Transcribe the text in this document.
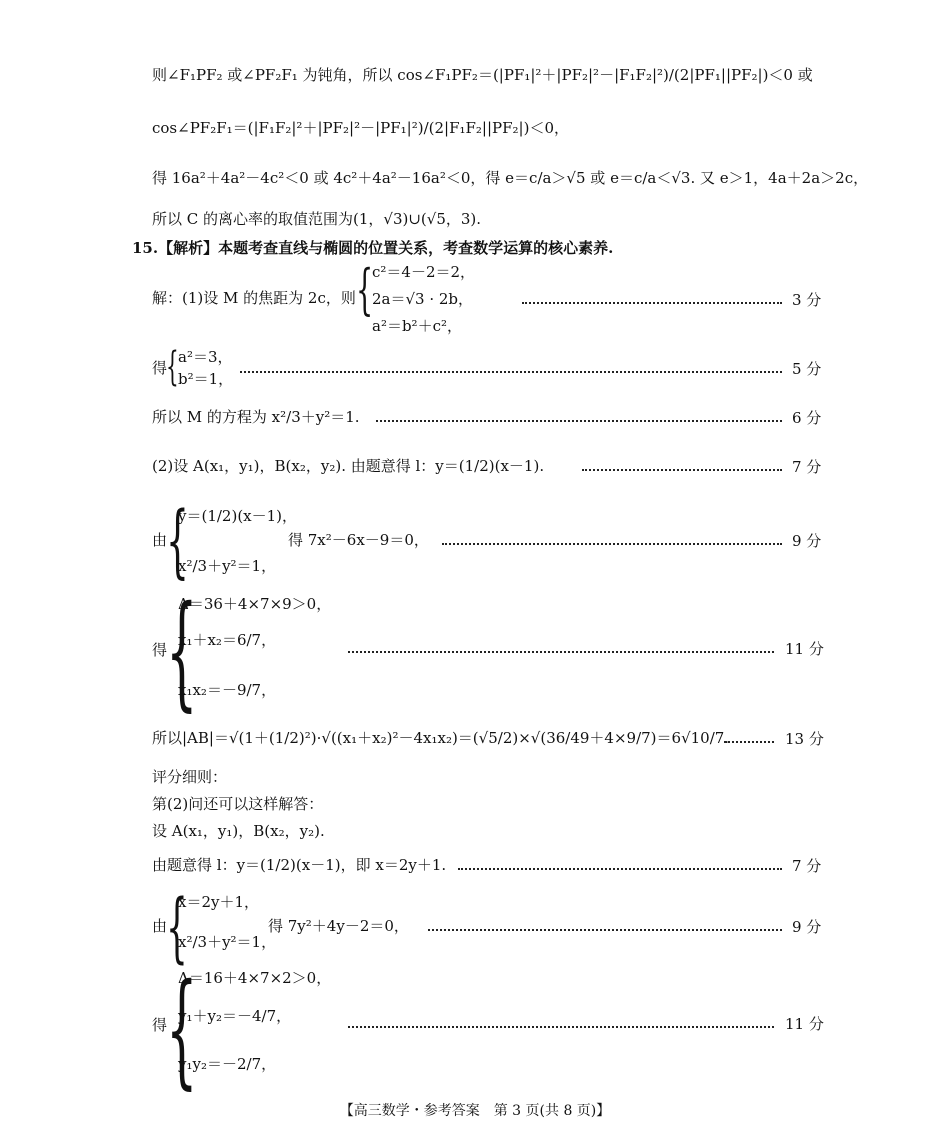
则∠F₁PF₂ 或∠PF₂F₁ 为钝角，所以 cos∠F₁PF₂＝(|PF₁|²＋|PF₂|²－|F₁F₂|²)/(2|PF₁||PF₂|)＜0 或
cos∠PF₂F₁＝(|F₁F₂|²＋|PF₂|²－|PF₁|²)/(2|F₁F₂||PF₂|)＜0，
得 16a²＋4a²－4c²＜0 或 4c²＋4a²－16a²＜0，得 e＝c/a＞√5 或 e＝c/a＜√3. 又 e＞1，4a＋2a＞2c，
所以 C 的离心率的取值范围为(1，√3)∪(√5，3).
15.【解析】本题考查直线与椭圆的位置关系，考查数学运算的核心素养.
解：(1)设 M 的焦距为 2c，则 {
c²＝4－2＝2，
2a＝√3 · 2b，
a²＝b²＋c²，
3 分
得
{ a²＝3，
b²＝1，
5 分
所以 M 的方程为 x²/3＋y²＝1.	6 分
(2)设 A(x₁，y₁)，B(x₂，y₂). 由题意得 l：y＝(1/2)(x－1).	7 分
由
{
y＝(1/2)(x－1)，
x²/3＋y²＝1，
得 7x²－6x－9＝0，	9 分
得
{
Δ＝36＋4×7×9＞0，
x₁＋x₂＝6/7，
x₁x₂＝－9/7，
11 分
所以|AB|＝√(1＋(1/2)²)·√((x₁＋x₂)²－4x₁x₂)＝(√5/2)×√(36/49＋4×9/7)＝6√10/7.	13 分
评分细则：
第(2)问还可以这样解答：
设 A(x₁，y₁)，B(x₂，y₂).
由题意得 l：y＝(1/2)(x－1)，即 x＝2y＋1.	7 分
由
{
x＝2y＋1，
x²/3＋y²＝1，
得 7y²＋4y－2＝0，	9 分
得
{
Δ＝16＋4×7×2＞0，
y₁＋y₂＝－4/7，
y₁y₂＝－2/7，
11 分
【高三数学・参考答案　第 3 页(共 8 页)】
